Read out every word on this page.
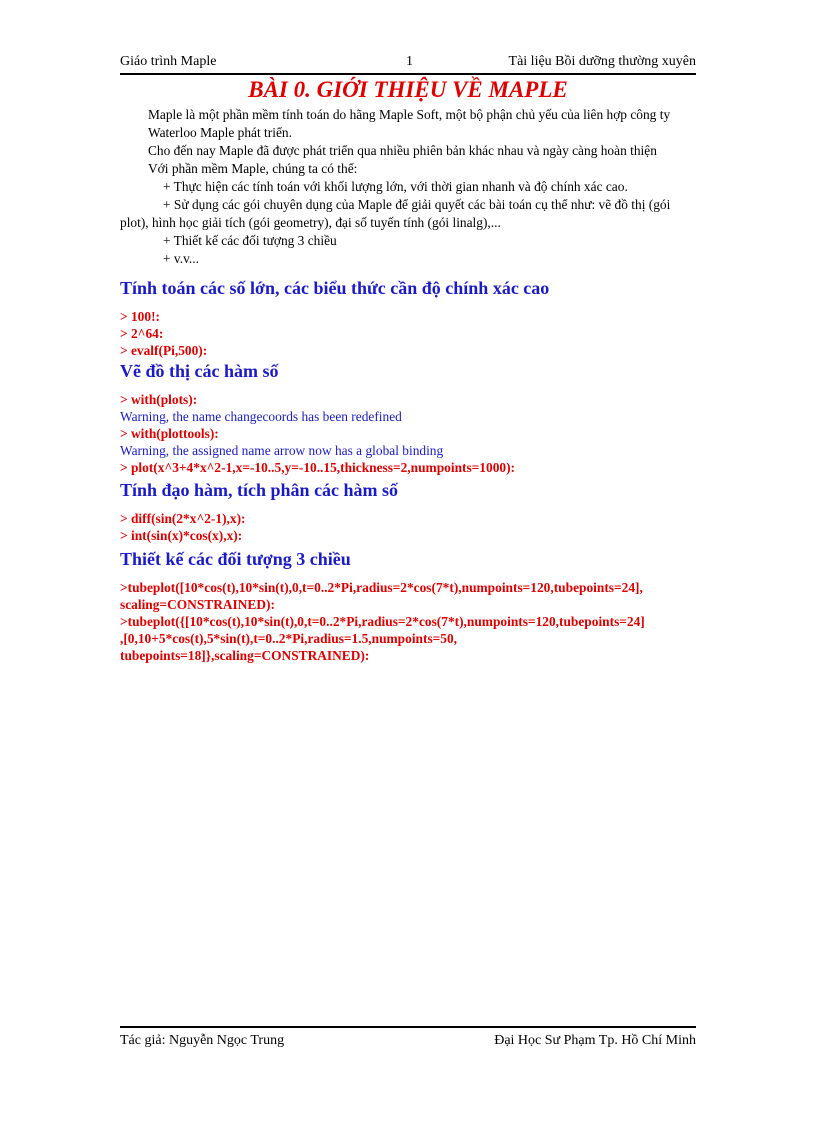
Giáo trình Maple	1	Tài liệu Bồi dưỡng thường xuyên
BÀI 0. GIỚI THIỆU VỀ MAPLE
Maple là một phần mềm tính toán do hãng Maple Soft, một bộ phận chủ yếu của liên hợp công ty Waterloo Maple phát triển.
Cho đến nay Maple đã được phát triển qua nhiều phiên bản khác nhau và ngày càng hoàn thiện
Với phần mềm Maple, chúng ta có thể:
+ Thực hiện các tính toán với khối lượng lớn, với thời gian nhanh và độ chính xác cao.
+ Sử dụng các gói chuyên dụng của Maple để giải quyết các bài toán cụ thể như: vẽ đồ thị (gói plot), hình học giải tích (gói geometry), đại số tuyến tính (gói linalg),...
+ Thiết kế các đối tượng 3 chiều
+ v.v...
Tính toán các số lớn, các biểu thức cần độ chính xác cao
> 100!:
> 2^64:
> evalf(Pi,500):
Vẽ đồ thị các hàm số
> with(plots):
Warning, the name changecoords has been redefined
> with(plottools):
Warning, the assigned name arrow now has a global binding
> plot(x^3+4*x^2-1,x=-10..5,y=-10..15,thickness=2,numpoints=1000):
Tính đạo hàm, tích phân các hàm số
> diff(sin(2*x^2-1),x):
> int(sin(x)*cos(x),x):
Thiết kế các đối tượng 3 chiều
>tubeplot([10*cos(t),10*sin(t),0,t=0..2*Pi,radius=2*cos(7*t),numpoints=120,tubepoints=24],
scaling=CONSTRAINED):
>tubeplot({[10*cos(t),10*sin(t),0,t=0..2*Pi,radius=2*cos(7*t),numpoints=120,tubepoints=24]
,[0,10+5*cos(t),5*sin(t),t=0..2*Pi,radius=1.5,numpoints=50,
tubepoints=18]},scaling=CONSTRAINED):
Tác giả: Nguyễn Ngọc Trung	Đại Học Sư Phạm Tp. Hồ Chí Minh
